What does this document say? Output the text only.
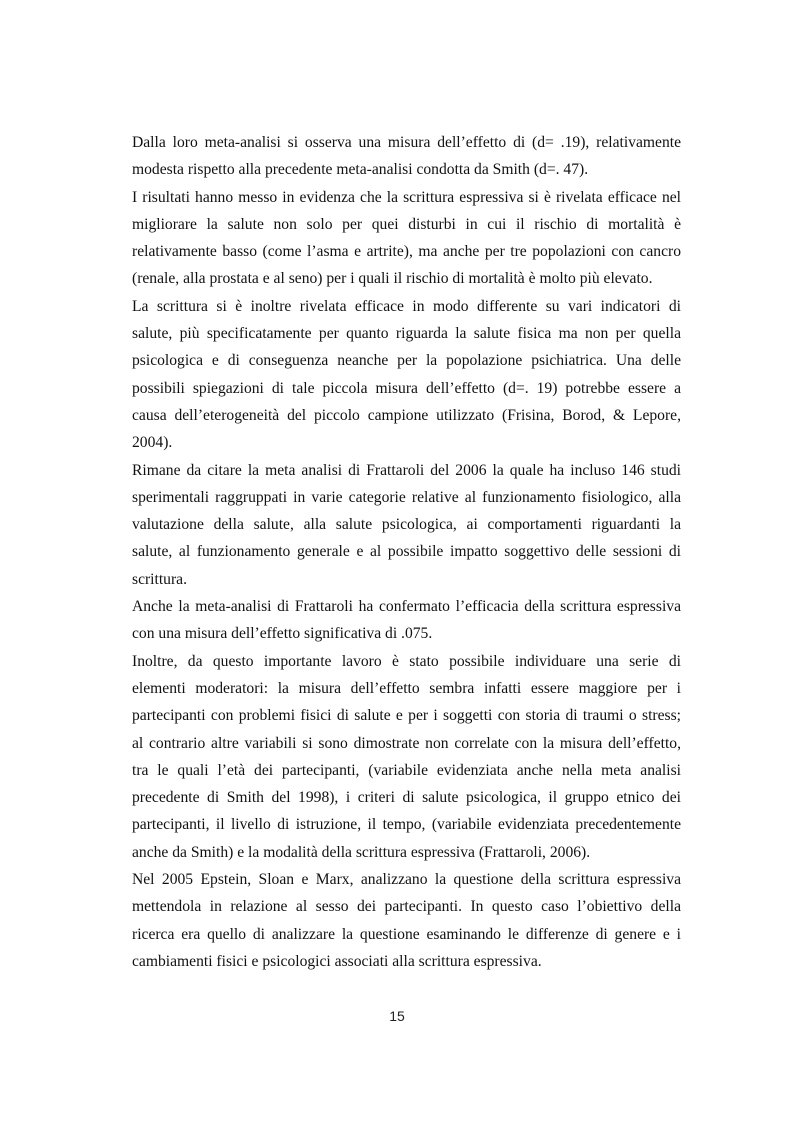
Dalla loro meta-analisi si osserva una misura dell’effetto di (d= .19), relativamente
modesta rispetto alla precedente meta-analisi condotta da Smith (d=. 47).

I risultati hanno messo in evidenza che la scrittura espressiva si è rivelata efficace nel
migliorare la salute non solo per quei disturbi in cui il rischio di mortalità è
relativamente basso (come l’asma e artrite), ma anche per tre popolazioni con cancro
(renale, alla prostata e al seno) per i quali il rischio di mortalità è molto più elevato.

La scrittura si è inoltre rivelata efficace in modo differente su vari indicatori di
salute, più specificatamente per quanto riguarda la salute fisica ma non per quella
psicologica e di conseguenza neanche per la popolazione psichiatrica. Una delle
possibili spiegazioni di tale piccola misura dell’effetto (d=. 19) potrebbe essere a
causa dell’eterogeneità del piccolo campione utilizzato (Frisina, Borod, & Lepore,
2004).

Rimane da citare la meta analisi di Frattaroli del 2006 la quale ha incluso 146 studi
sperimentali raggruppati in varie categorie relative al funzionamento fisiologico, alla
valutazione della salute, alla salute psicologica, ai comportamenti riguardanti la
salute, al funzionamento generale e al possibile impatto soggettivo delle sessioni di
scrittura.

Anche la meta-analisi di Frattaroli ha confermato l’efficacia della scrittura espressiva
con una misura dell’effetto significativa di .075.

Inoltre, da questo importante lavoro è stato possibile individuare una serie di
elementi moderatori: la misura dell’effetto sembra infatti essere maggiore per i
partecipanti con problemi fisici di salute e per i soggetti con storia di traumi o stress;
al contrario altre variabili si sono dimostrate non correlate con la misura dell’effetto,
tra le quali l’età dei partecipanti, (variabile evidenziata anche nella meta analisi
precedente di Smith del 1998), i criteri di salute psicologica, il gruppo etnico dei
partecipanti, il livello di istruzione, il tempo, (variabile evidenziata precedentemente
anche da Smith) e la modalità della scrittura espressiva (Frattaroli, 2006).

Nel 2005 Epstein, Sloan e Marx, analizzano la questione della scrittura espressiva
mettendola in relazione al sesso dei partecipanti. In questo caso l’obiettivo della
ricerca era quello di analizzare la questione esaminando le differenze di genere e i
cambiamenti fisici e psicologici associati alla scrittura espressiva.

15
